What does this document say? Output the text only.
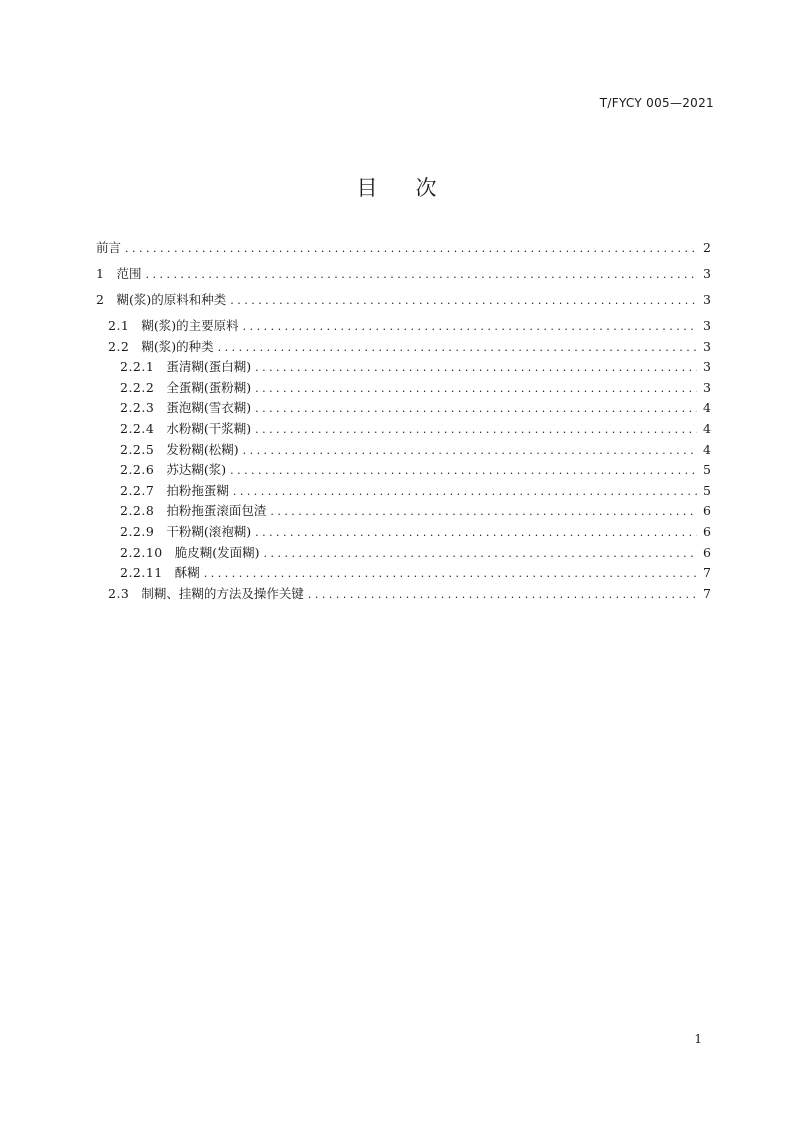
T/FYCY 005—2021
目次
前言 . . .	2
1 范围 . . .	3
2 糊(浆)的原料和种类 . . .	3
2.1 糊(浆)的主要原料 . . .	3
2.2 糊(浆)的种类 . . .	3
2.2.1 蛋清糊(蛋白糊) . . .	3
2.2.2 全蛋糊(蛋粉糊) . . .	3
2.2.3 蛋泡糊(雪衣糊) . . .	4
2.2.4 水粉糊(干浆糊) . . .	4
2.2.5 发粉糊(松糊) . . .	4
2.2.6 苏达糊(浆) . . .	5
2.2.7 拍粉拖蛋糊 . . .	5
2.2.8 拍粉拖蛋滚面包渣 . . .	6
2.2.9 干粉糊(滚袍糊) . . .	6
2.2.10 脆皮糊(发面糊) . . .	6
2.2.11 酥糊 . . .	7
2.3 制糊、挂糊的方法及操作关键 . . .	7
1
